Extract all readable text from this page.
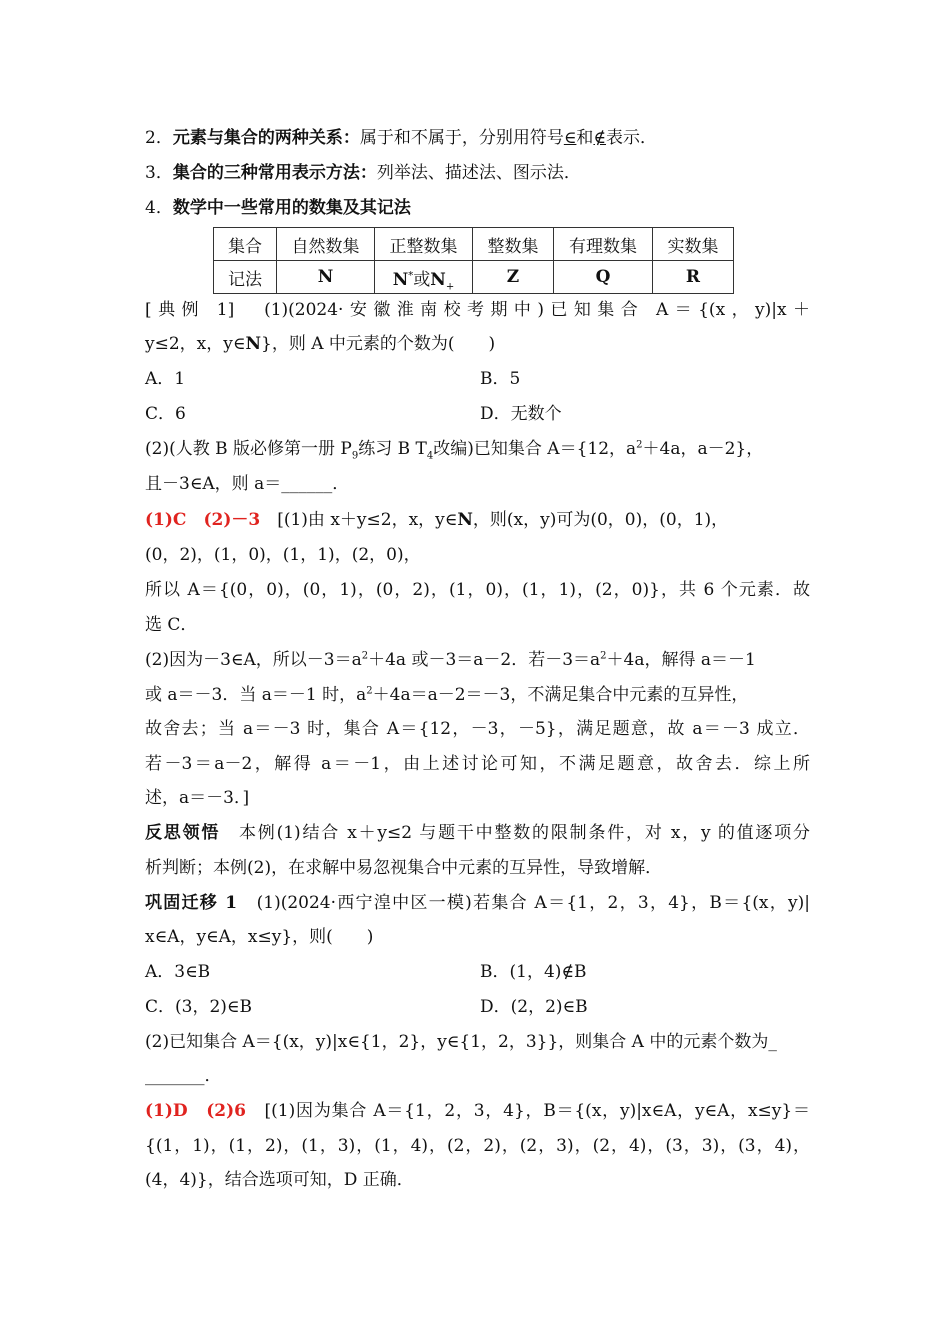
2．元素与集合的两种关系：属于和不属于，分别用符号∈和∉表示．
3．集合的三种常用表示方法：列举法、描述法、图示法．
4．数学中一些常用的数集及其记法
集合	自然数集	正整数集	整数集	有理数集	实数集
记法	N	N*或$N_+$	Z	Q	R
[典例 1]　(1)(2024·安徽淮南校考期中)已知集合 A＝{(x，y)|x＋
y≤2，x，y∈N}，则 A 中元素的个数为(　　)
A．1	B．5
C．6	D．无数个
(2)(人教 B 版必修第一册 $P_9$练习 B $T_4$改编)已知集合 A＝{12，$a^2+4a$，a－2}，
且－3∈A，则 a＝______．
(1)C　 (2)－3　 [(1)由 x＋y≤2，x，y∈N，则(x，y)可为(0，0)，(0，1)，
(0，2)，(1，0)，(1，1)，(2，0)，
所以 A＝{(0，0)，(0，1)，(0，2)，(1，0)，(1，1)，(2，0)}，共 6 个元素．故
选 C．
(2)因为－3∈A，所以$-3=a^2+4a$ 或－3＝a－2．若$-3=a^2+4a$，解得 a＝－1
或 a＝－3．当 a＝－1 时，$a^2+4a=a-2=-3$，不满足集合中元素的互异性，
故舍去；当 a＝－3 时，集合 A＝{12，－3，－5}，满足题意，故 a＝－3 成立．
若－3＝a－2，解得 a＝－1，由上述讨论可知，不满足题意，故舍去．综上所
述，a＝－3．]
反思领悟　本例(1)结合 x＋y≤2 与题干中整数的限制条件，对 x，y 的值逐项分
析判断；本例(2)，在求解中易忽视集合中元素的互异性，导致增解．
巩固迁移 1　(1)(2024·西宁湟中区一模)若集合 A＝{1，2，3，4}，B＝{(x，y)|
x∈A，y∈A，x≤y}，则(　　)
A．3∈B	B．(1，4)∉B
C．(3，2)∈B	D．(2，2)∈B
(2)已知集合 A＝{(x，y)|x∈{1，2}，y∈{1，2，3}}，则集合 A 中的元素个数为_
_______．
(1)D　 (2)6　 [(1)因为集合 A＝{1，2，3，4}，B＝{(x，y)|x∈A，y∈A，x≤y}＝
{(1，1)，(1，2)，(1，3)，(1，4)，(2，2)，(2，3)，(2，4)，(3，3)，(3，4)，
(4，4)}，结合选项可知，D 正确．
